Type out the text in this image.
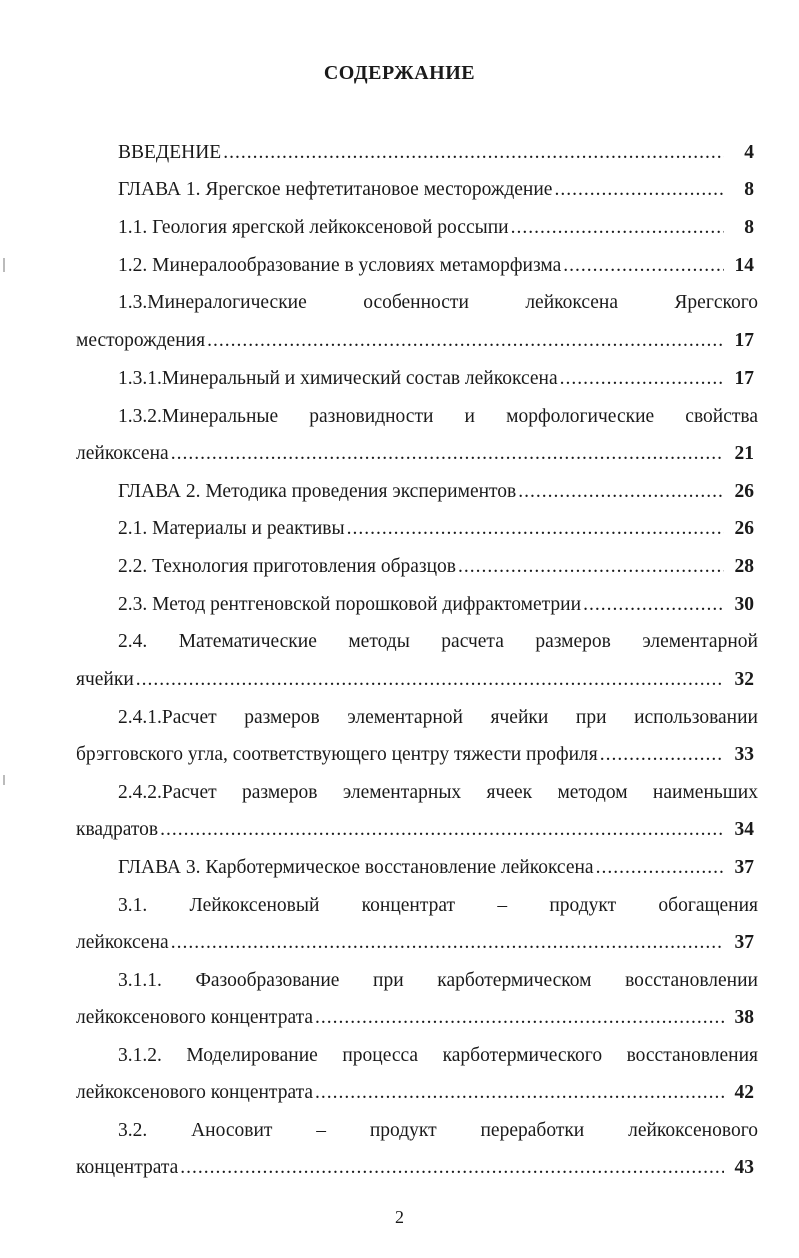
СОДЕРЖАНИЕ
ВВЕДЕНИЕ .....	4
ГЛАВА 1. Ярегское нефтетитановое месторождение .....	8
1.1. Геология ярегской лейкоксеновой россыпи .....	8
1.2. Минералообразование в условиях метаморфизма .....	14
1.3.Минералогические	особенности	лейкоксена	Ярегского
месторождения .....	17
1.3.1.Минеральный и химический состав лейкоксена .....	17
1.3.2.Минеральные разновидности и морфологические свойства
лейкоксена .....	21
ГЛАВА 2. Методика проведения экспериментов .....	26
2.1. Материалы и реактивы .....	26
2.2. Технология приготовления образцов .....	28
2.3. Метод рентгеновской порошковой дифрактометрии .....	30
2.4. Математические методы расчета размеров элементарной
ячейки .....	32
2.4.1.Расчет размеров элементарной ячейки при использовании
брэгговского угла, соответствующего центру тяжести профиля .....	33
2.4.2.Расчет размеров элементарных ячеек методом наименьших
квадратов .....	34
ГЛАВА 3. Карботермическое восстановление лейкоксена .....	37
3.1. Лейкоксеновый концентрат – продукт обогащения
лейкоксена .....	37
3.1.1. Фазообразование при карботермическом восстановлении
лейкоксенового концентрата .....	38
3.1.2. Моделирование процесса карботермического восстановления
лейкоксенового концентрата .....	42
3.2. Аносовит – продукт переработки лейкоксенового
концентрата .....	43
2
